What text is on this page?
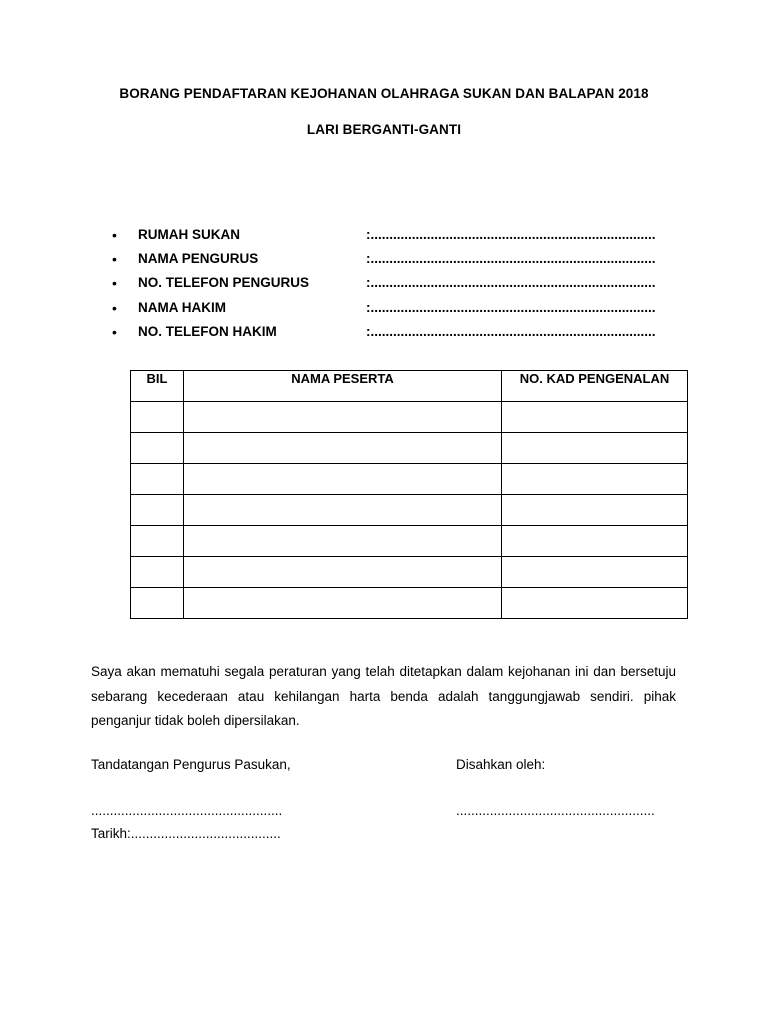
BORANG PENDAFTARAN KEJOHANAN OLAHRAGA SUKAN DAN BALAPAN 2018
LARI BERGANTI-GANTI
• RUMAH SUKAN	:............................................................................
• NAMA PENGURUS	:............................................................................
• NO. TELEFON PENGURUS	:............................................................................
• NAMA HAKIM	:............................................................................
• NO. TELEFON HAKIM	:............................................................................
BIL	NAMA PESERTA	NO. KAD PENGENALAN

Saya akan mematuhi segala peraturan yang telah ditetapkan dalam kejohanan ini dan bersetuju sebarang kecederaan atau kehilangan harta benda adalah tanggungjawab sendiri. pihak penganjur tidak boleh dipersilakan.
Tandatangan Pengurus Pasukan,	Disahkan oleh:
...................................................	.....................................................
Tarikh:........................................
